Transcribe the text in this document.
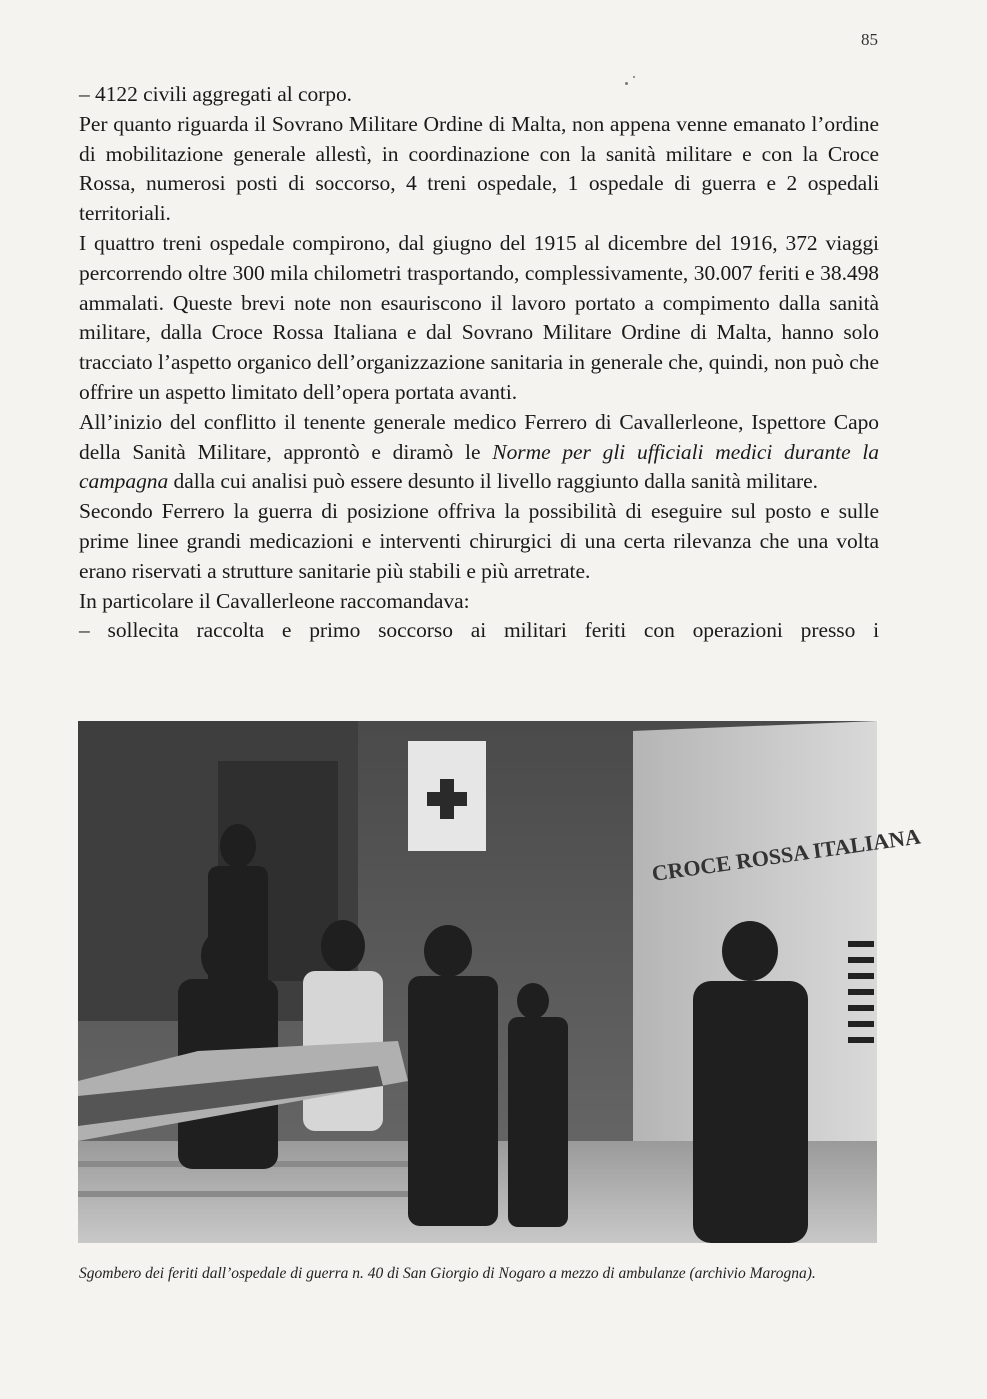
85

– 4122 civili aggregati al corpo.

Per quanto riguarda il Sovrano Militare Ordine di Malta, non appena venne emanato l’ordine di mobilitazione generale allestì, in coordinazione con la sanità militare e con la Croce Rossa, numerosi posti di soccorso, 4 treni ospedale, 1 ospedale di guerra e 2 ospedali territoriali.

I quattro treni ospedale compirono, dal giugno del 1915 al dicembre del 1916, 372 viaggi percorrendo oltre 300 mila chilometri trasportando, complessivamente, 30.007 feriti e 38.498 ammalati. Queste brevi note non esauriscono il lavoro portato a compimento dalla sanità militare, dalla Croce Rossa Italiana e dal Sovrano Militare Ordine di Malta, hanno solo tracciato l’aspetto organico dell’organizzazione sanitaria in generale che, quindi, non può che offrire un aspetto limitato dell’opera portata avanti.

All’inizio del conflitto il tenente generale medico Ferrero di Cavallerleone, Ispettore Capo della Sanità Militare, approntò e diramò le Norme per gli ufficiali medici durante la campagna dalla cui analisi può essere desunto il livello raggiunto dalla sanità militare.

Secondo Ferrero la guerra di posizione offriva la possibilità di eseguire sul posto e sulle prime linee grandi medicazioni e interventi chirurgici di una certa rilevanza che una volta erano riservati a strutture sanitarie più stabili e più arretrate.

In particolare il Cavallerleone raccomandava:

– sollecita raccolta e primo soccorso ai militari feriti con operazioni presso i

CROCE ROSSA ITALIANA
Sgombero dei feriti dall’ospedale di guerra n. 40 di San Giorgio di Nogaro a mezzo di ambulanze (archivio Marogna).
